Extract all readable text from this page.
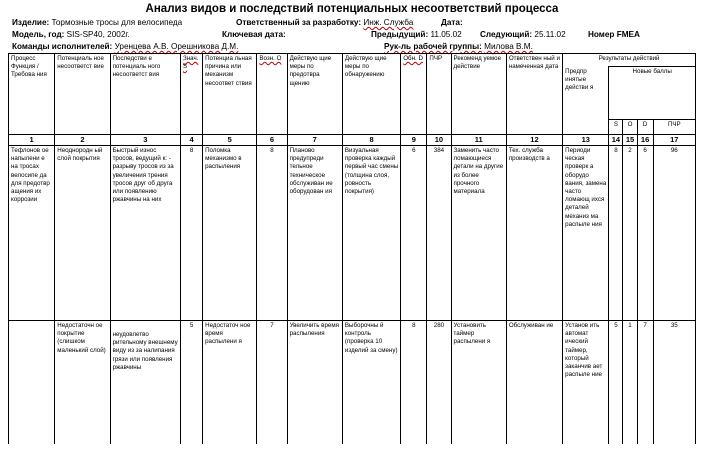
Анализ видов и последствий потенциальных несоответствий процесса
Изделие: Тормозные тросы для велосипеда	Ответственный за разработку: Инж. Служба	Дата:
Модель, год: SIS-SP40, 2002г.	Ключевая дата:	Предыдущий: 11.05.02 Следующий: 25.11.02	Номер FMEA
Команды исполнителей: Уренцева А.В. Орешникова Д.М.	Рук-ль рабочей группы: Милова В.М.
Процесс Функция / Требова ния	Потенциаль ное несоответст вие	Последстви е потенциаль ного несоответст вия	Знач. S	Потенциа льная причина или механизм несоответ ствия	Возн. О	Действую щие меры по предотвра щению	Действую щие меры по обнаружению	Обн. D	ПЧР	Рекоменд уемое действие	Ответствен ный и намеченная дата	Результаты действий				
												Предпр инятые действи я	Новые баллы			
													S	O	D	ПЧР
1	2	3	4	5	6	7	8	9	10	11	12	13	14	15	16	17
Тефлонов ое напылени е на тросах велосипе да для предотвр ащения их коррозии	Неоднородн ый слой покрытия	Быстрый износ тросов, ведущий к: - разрыву тросов из за увеличения трения тросов друг об друга или появлению ржавчины на них	8	Поломка механизмо в распыления	8	Планово предупреди тельное техническое обслуживан ие оборудован ия	Визуальная проверка каждый первый час смены (толщина слоя, ровность покрытия)	6	384	Заменить часто ломающиеся детали на другие из более прочного материала	Тех. служба производств а	Периоди ческая проверк а оборудо вания, замена часто ломающ ихся деталей механиз ма распыле ния	8	2	6	96
	Недостаточн ое покрытие (слишком маленький слой)	неудовлетво рительному внешнему виду из за налипания грязи или появления ржавчины	5	Недостаточ ное время распылени я	7	Увеличить время распыления	Выборочны й контроль (проверка 10 изделий за смену)	8	280	Установить таймер распылени я	Обслуживан ие	Установ ить автомат ический таймер, который заканчив ает распыле ние	5	1	7	35
